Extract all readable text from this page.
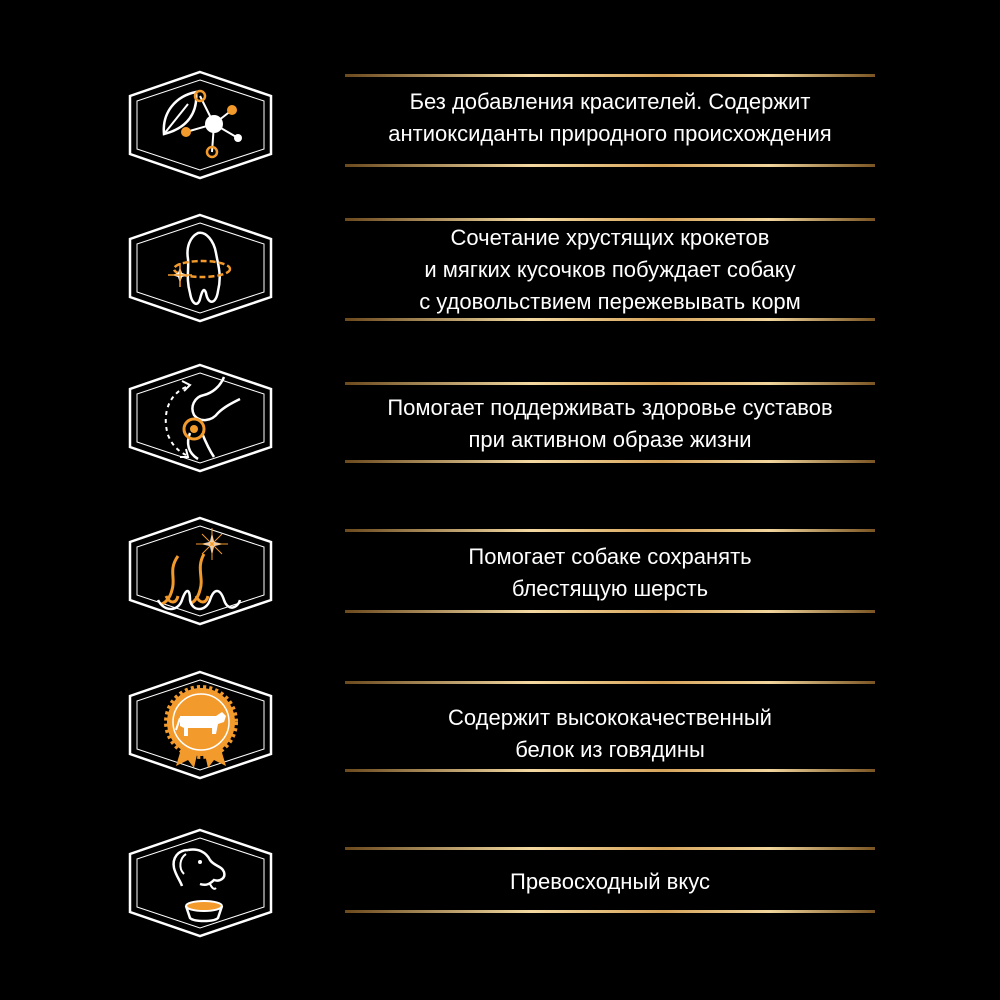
Без добавления красителей. Содержит
антиоксиданты природного происхождения
Сочетание хрустящих крокетов
и мягких кусочков побуждает собаку
с удовольствием пережевывать корм
Помогает поддерживать здоровье суставов
при активном образе жизни
Помогает собаке сохранять
блестящую шерсть
Содержит высококачественный
белок из говядины
Превосходный вкус
